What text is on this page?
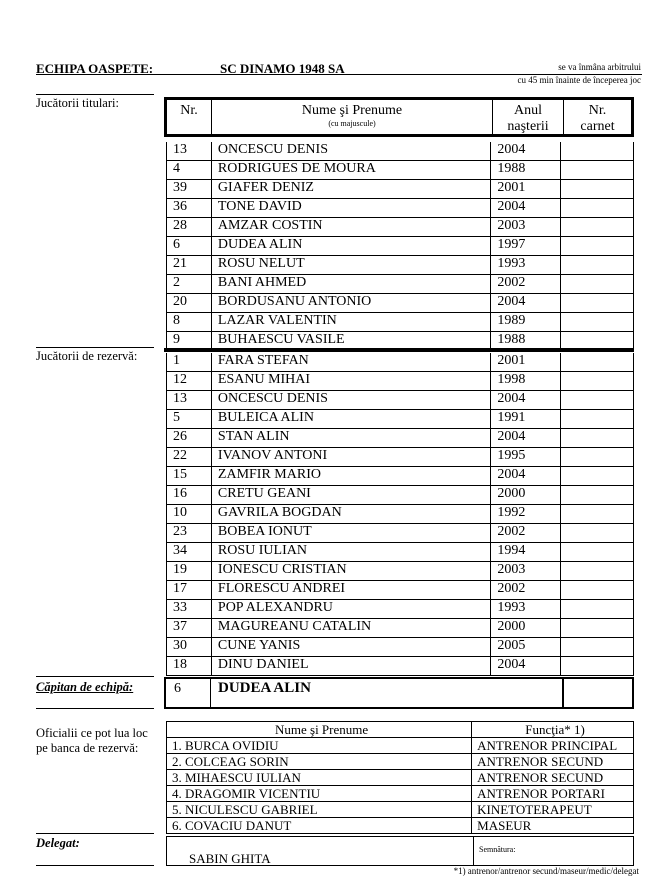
ECHIPA OASPETE:	SC DINAMO 1948 SA	se va înmâna arbitrului
cu 45 min înainte de începerea joc
Jucătorii titulari:
Jucătorii de rezervă:
Căpitan de echipă:
Oficialii ce pot lua loc pe banca de rezervă:
Delegat:
Nr.	Nume şi Prenume
(cu majuscule)
Anul
naşterii
Nr.
carnet
13	ONCESCU DENIS	2004	
4	RODRIGUES DE MOURA	1988	
39	GIAFER DENIZ	2001	
36	TONE DAVID	2004	
28	AMZAR COSTIN	2003	
6	DUDEA ALIN	1997	
21	ROSU NELUT	1993	
2	BANI AHMED	2002	
20	BORDUSANU ANTONIO	2004	
8	LAZAR VALENTIN	1989	
9	BUHAESCU VASILE	1988	
1	FARA STEFAN	2001	
12	ESANU MIHAI	1998	
13	ONCESCU DENIS	2004	
5	BULEICA ALIN	1991	
26	STAN ALIN	2004	
22	IVANOV ANTONI	1995	
15	ZAMFIR MARIO	2004	
16	CRETU GEANI	2000	
10	GAVRILA BOGDAN	1992	
23	BOBEA IONUT	2002	
34	ROSU IULIAN	1994	
19	IONESCU CRISTIAN	2003	
17	FLORESCU ANDREI	2002	
33	POP ALEXANDRU	1993	
37	MAGUREANU CATALIN	2000	
30	CUNE YANIS	2005	
18	DINU DANIEL	2004	
6 DUDEA ALIN
Nume şi Prenume	Funcţia* 1)
1. BURCA OVIDIU	ANTRENOR PRINCIPAL
2. COLCEAG SORIN	ANTRENOR SECUND
3. MIHAESCU IULIAN	ANTRENOR SECUND
4. DRAGOMIR VICENTIU	ANTRENOR PORTARI
5. NICULESCU GABRIEL	KINETOTERAPEUT
6. COVACIU DANUT	MASEUR
SABIN GHITA
Semnătura:
*1) antrenor/antrenor secund/maseur/medic/delegat
